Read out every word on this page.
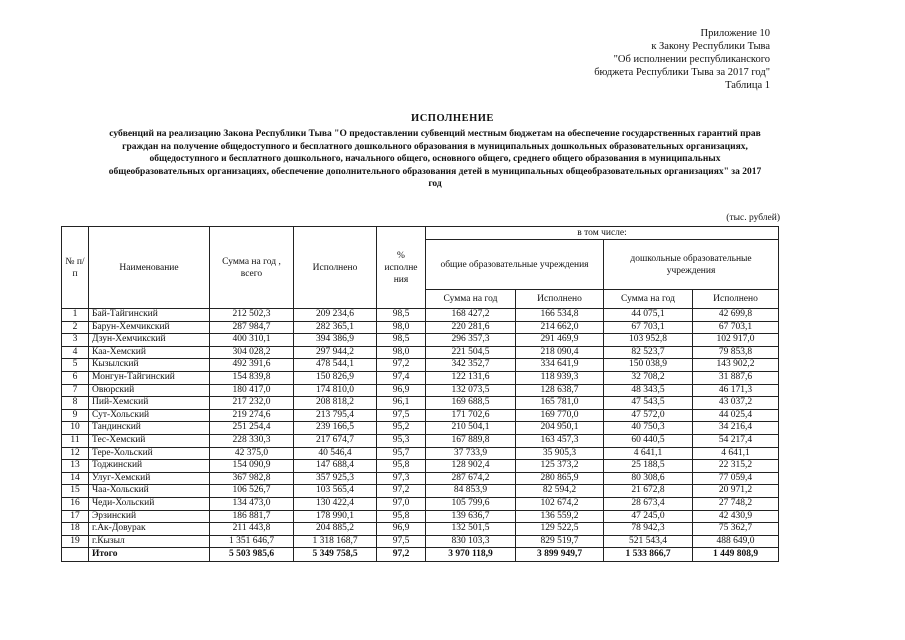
Приложение 10
к Закону Республики Тыва
"Об исполнении республиканского
бюджета Республики Тыва за 2017 год"
Таблица 1
ИСПОЛНЕНИЕ
субвенций на реализацию Закона Республики Тыва "О предоставлении субвенций местным бюджетам на обеспечение государственных гарантий прав
граждан на получение общедоступного и бесплатного дошкольного образования в муниципальных дошкольных образовательных организациях,
общедоступного и бесплатного дошкольного, начального общего, основного общего, среднего общего образования в муниципальных
общеобразовательных организациях, обеспечение дополнительного образования детей в муниципальных общеобразовательных организациях" за 2017
год
(тыс. рублей)
№ п/п	Наименование	Сумма на год , всего	Исполнено	% исполне ния	в том числе:			
					общие образовательные учреждения		дошкольные образовательные учреждения	
					Сумма на год	Исполнено	Сумма на год	Исполнено
1	Бай-Тайгинский	212 502,3	209 234,6	98,5	168 427,2	166 534,8	44 075,1	42 699,8
2	Барун-Хемчикский	287 984,7	282 365,1	98,0	220 281,6	214 662,0	67 703,1	67 703,1
3	Дзун-Хемчикский	400 310,1	394 386,9	98,5	296 357,3	291 469,9	103 952,8	102 917,0
4	Каа-Хемский	304 028,2	297 944,2	98,0	221 504,5	218 090,4	82 523,7	79 853,8
5	Кызылский	492 391,6	478 544,1	97,2	342 352,7	334 641,9	150 038,9	143 902,2
6	Монгун-Тайгинский	154 839,8	150 826,9	97,4	122 131,6	118 939,3	32 708,2	31 887,6
7	Овюрский	180 417,0	174 810,0	96,9	132 073,5	128 638,7	48 343,5	46 171,3
8	Пий-Хемский	217 232,0	208 818,2	96,1	169 688,5	165 781,0	47 543,5	43 037,2
9	Сут-Хольский	219 274,6	213 795,4	97,5	171 702,6	169 770,0	47 572,0	44 025,4
10	Тандинский	251 254,4	239 166,5	95,2	210 504,1	204 950,1	40 750,3	34 216,4
11	Тес-Хемский	228 330,3	217 674,7	95,3	167 889,8	163 457,3	60 440,5	54 217,4
12	Тере-Хольский	42 375,0	40 546,4	95,7	37 733,9	35 905,3	4 641,1	4 641,1
13	Тоджинский	154 090,9	147 688,4	95,8	128 902,4	125 373,2	25 188,5	22 315,2
14	Улуг-Хемский	367 982,8	357 925,3	97,3	287 674,2	280 865,9	80 308,6	77 059,4
15	Чаа-Хольский	106 526,7	103 565,4	97,2	84 853,9	82 594,2	21 672,8	20 971,2
16	Чеди-Хольский	134 473,0	130 422,4	97,0	105 799,6	102 674,2	28 673,4	27 748,2
17	Эрзинский	186 881,7	178 990,1	95,8	139 636,7	136 559,2	47 245,0	42 430,9
18	г.Ак-Довурак	211 443,8	204 885,2	96,9	132 501,5	129 522,5	78 942,3	75 362,7
19	г.Кызыл	1 351 646,7	1 318 168,7	97,5	830 103,3	829 519,7	521 543,4	488 649,0
	Итого	5 503 985,6	5 349 758,5	97,2	3 970 118,9	3 899 949,7	1 533 866,7	1 449 808,9
